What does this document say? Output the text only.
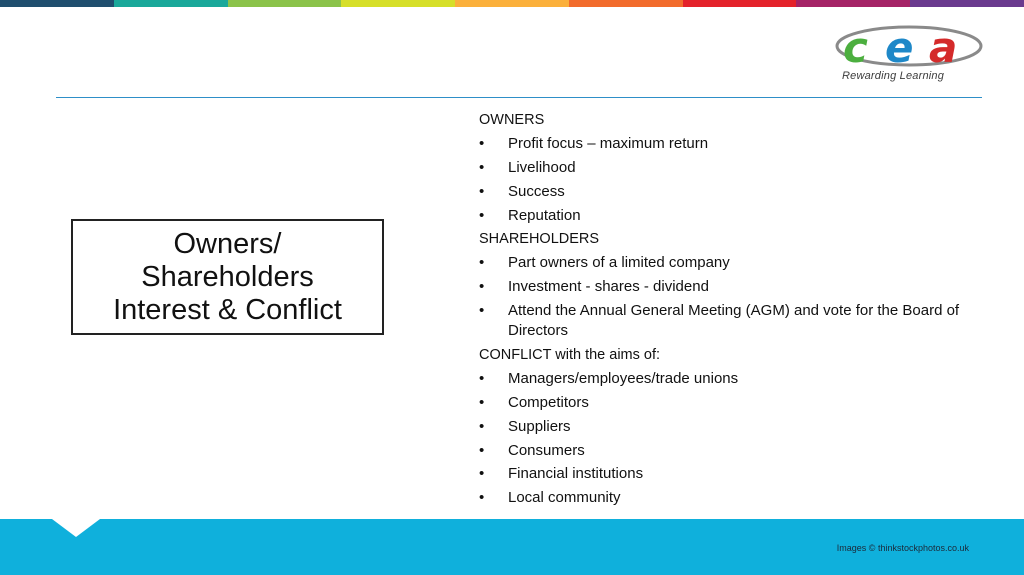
c e a
Rewarding Learning
Owners/
Shareholders
Interest & Conflict
OWNERS
• Profit focus – maximum return
• Livelihood
• Success
• Reputation
SHAREHOLDERS
• Part owners of a limited company
• Investment - shares - dividend
• Attend the Annual General Meeting (AGM) and vote for the Board of Directors
CONFLICT with the aims of:
• Managers/employees/trade unions
• Competitors
• Suppliers
• Consumers
• Financial institutions
• Local community
Images © thinkstockphotos.co.uk
